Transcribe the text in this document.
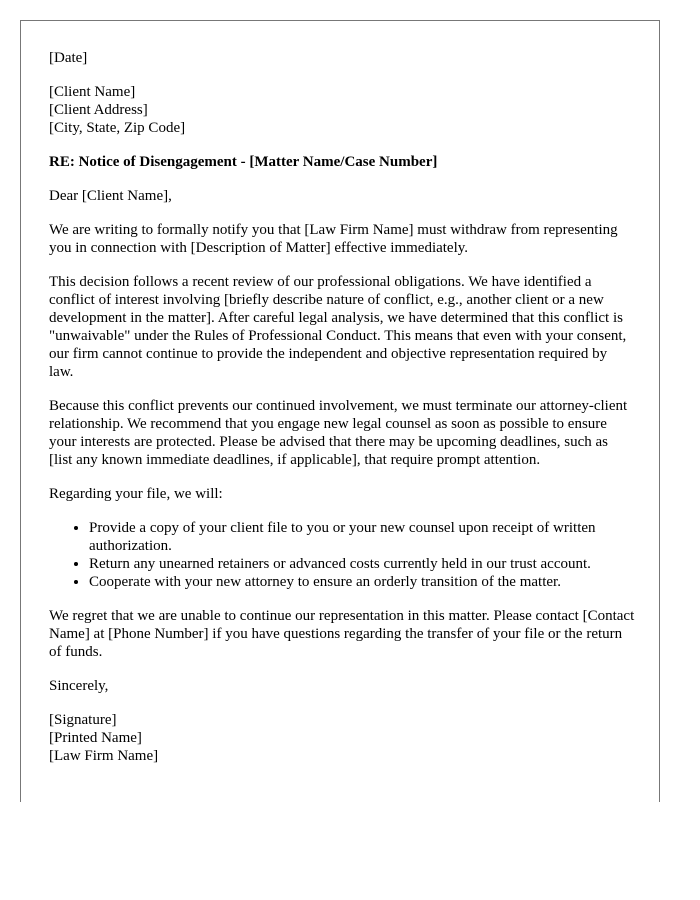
[Date]

[Client Name]
[Client Address]
[City, State, Zip Code]

RE: Notice of Disengagement - [Matter Name/Case Number]

Dear [Client Name],

We are writing to formally notify you that [Law Firm Name] must withdraw from representing you in connection with [Description of Matter] effective immediately.

This decision follows a recent review of our professional obligations. We have identified a conflict of interest involving [briefly describe nature of conflict, e.g., another client or a new development in the matter]. After careful legal analysis, we have determined that this conflict is "unwaivable" under the Rules of Professional Conduct. This means that even with your consent, our firm cannot continue to provide the independent and objective representation required by law.

Because this conflict prevents our continued involvement, we must terminate our attorney-client relationship. We recommend that you engage new legal counsel as soon as possible to ensure your interests are protected. Please be advised that there may be upcoming deadlines, such as [list any known immediate deadlines, if applicable], that require prompt attention.

Regarding your file, we will:

• Provide a copy of your client file to you or your new counsel upon receipt of written authorization.
• Return any unearned retainers or advanced costs currently held in our trust account.
• Cooperate with your new attorney to ensure an orderly transition of the matter.

We regret that we are unable to continue our representation in this matter. Please contact [Contact Name] at [Phone Number] if you have questions regarding the transfer of your file or the return of funds.

Sincerely,

[Signature]
[Printed Name]
[Law Firm Name]
